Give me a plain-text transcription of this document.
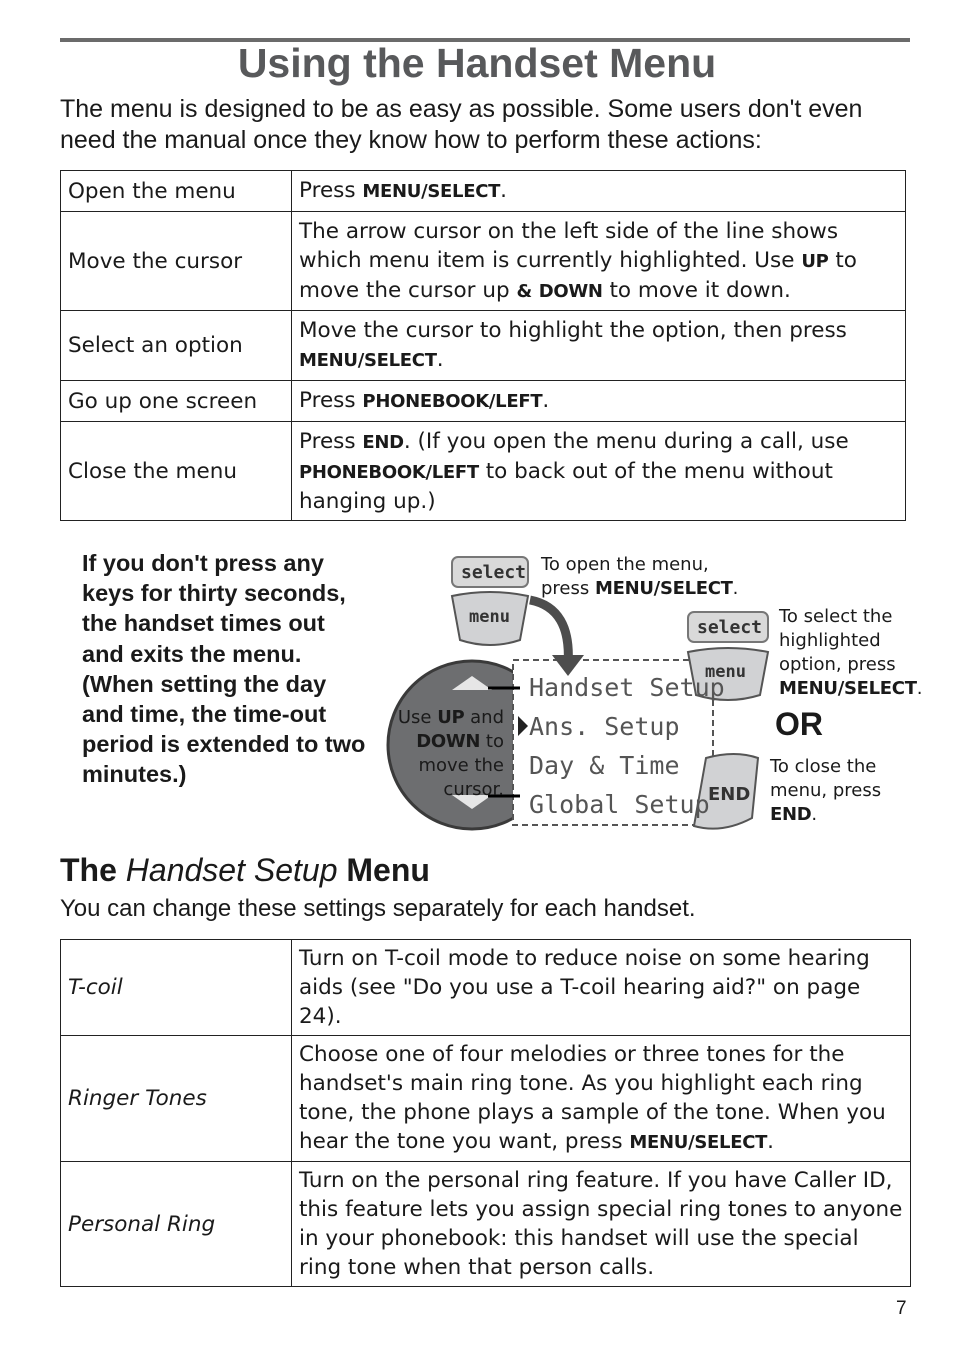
Using the Handset Menu

The menu is designed to be as easy as possible. Some users don't even need the manual once they know how to perform these actions:

Open the menu	Press MENU/SELECT.
Move the cursor	The arrow cursor on the left side of the line shows which menu item is currently highlighted. Use UP to move the cursor up & DOWN to move it down.
Select an option	Move the cursor to highlight the option, then press MENU/SELECT.
Go up one screen	Press PHONEBOOK/LEFT.
Close the menu	Press END. (If you open the menu during a call, use PHONEBOOK/LEFT to back out of the menu without hanging up.)

If you don't press any keys for thirty seconds, the handset times out and exits the menu. (When setting the day and time, the time-out period is extended to two minutes.)

select
menu	select
menu
END
Handset Setup
Ans. Setup
Day & Time
Global Setup

To open the menu,
press MENU/SELECT.

To select the highlighted option, press MENU/SELECT.

OR

To close the menu, press END.

Use UP and DOWN to move the cursor.

The Handset Setup Menu

You can change these settings separately for each handset.

T-coil	Turn on T-coil mode to reduce noise on some hearing aids (see "Do you use a T-coil hearing aid?" on page 24).
Ringer Tones	Choose one of four melodies or three tones for the handset's main ring tone. As you highlight each ring tone, the phone plays a sample of the tone. When you hear the tone you want, press MENU/SELECT.
Personal Ring	Turn on the personal ring feature. If you have Caller ID, this feature lets you assign special ring tones to anyone in your phonebook: this handset will use the special ring tone when that person calls.

7
